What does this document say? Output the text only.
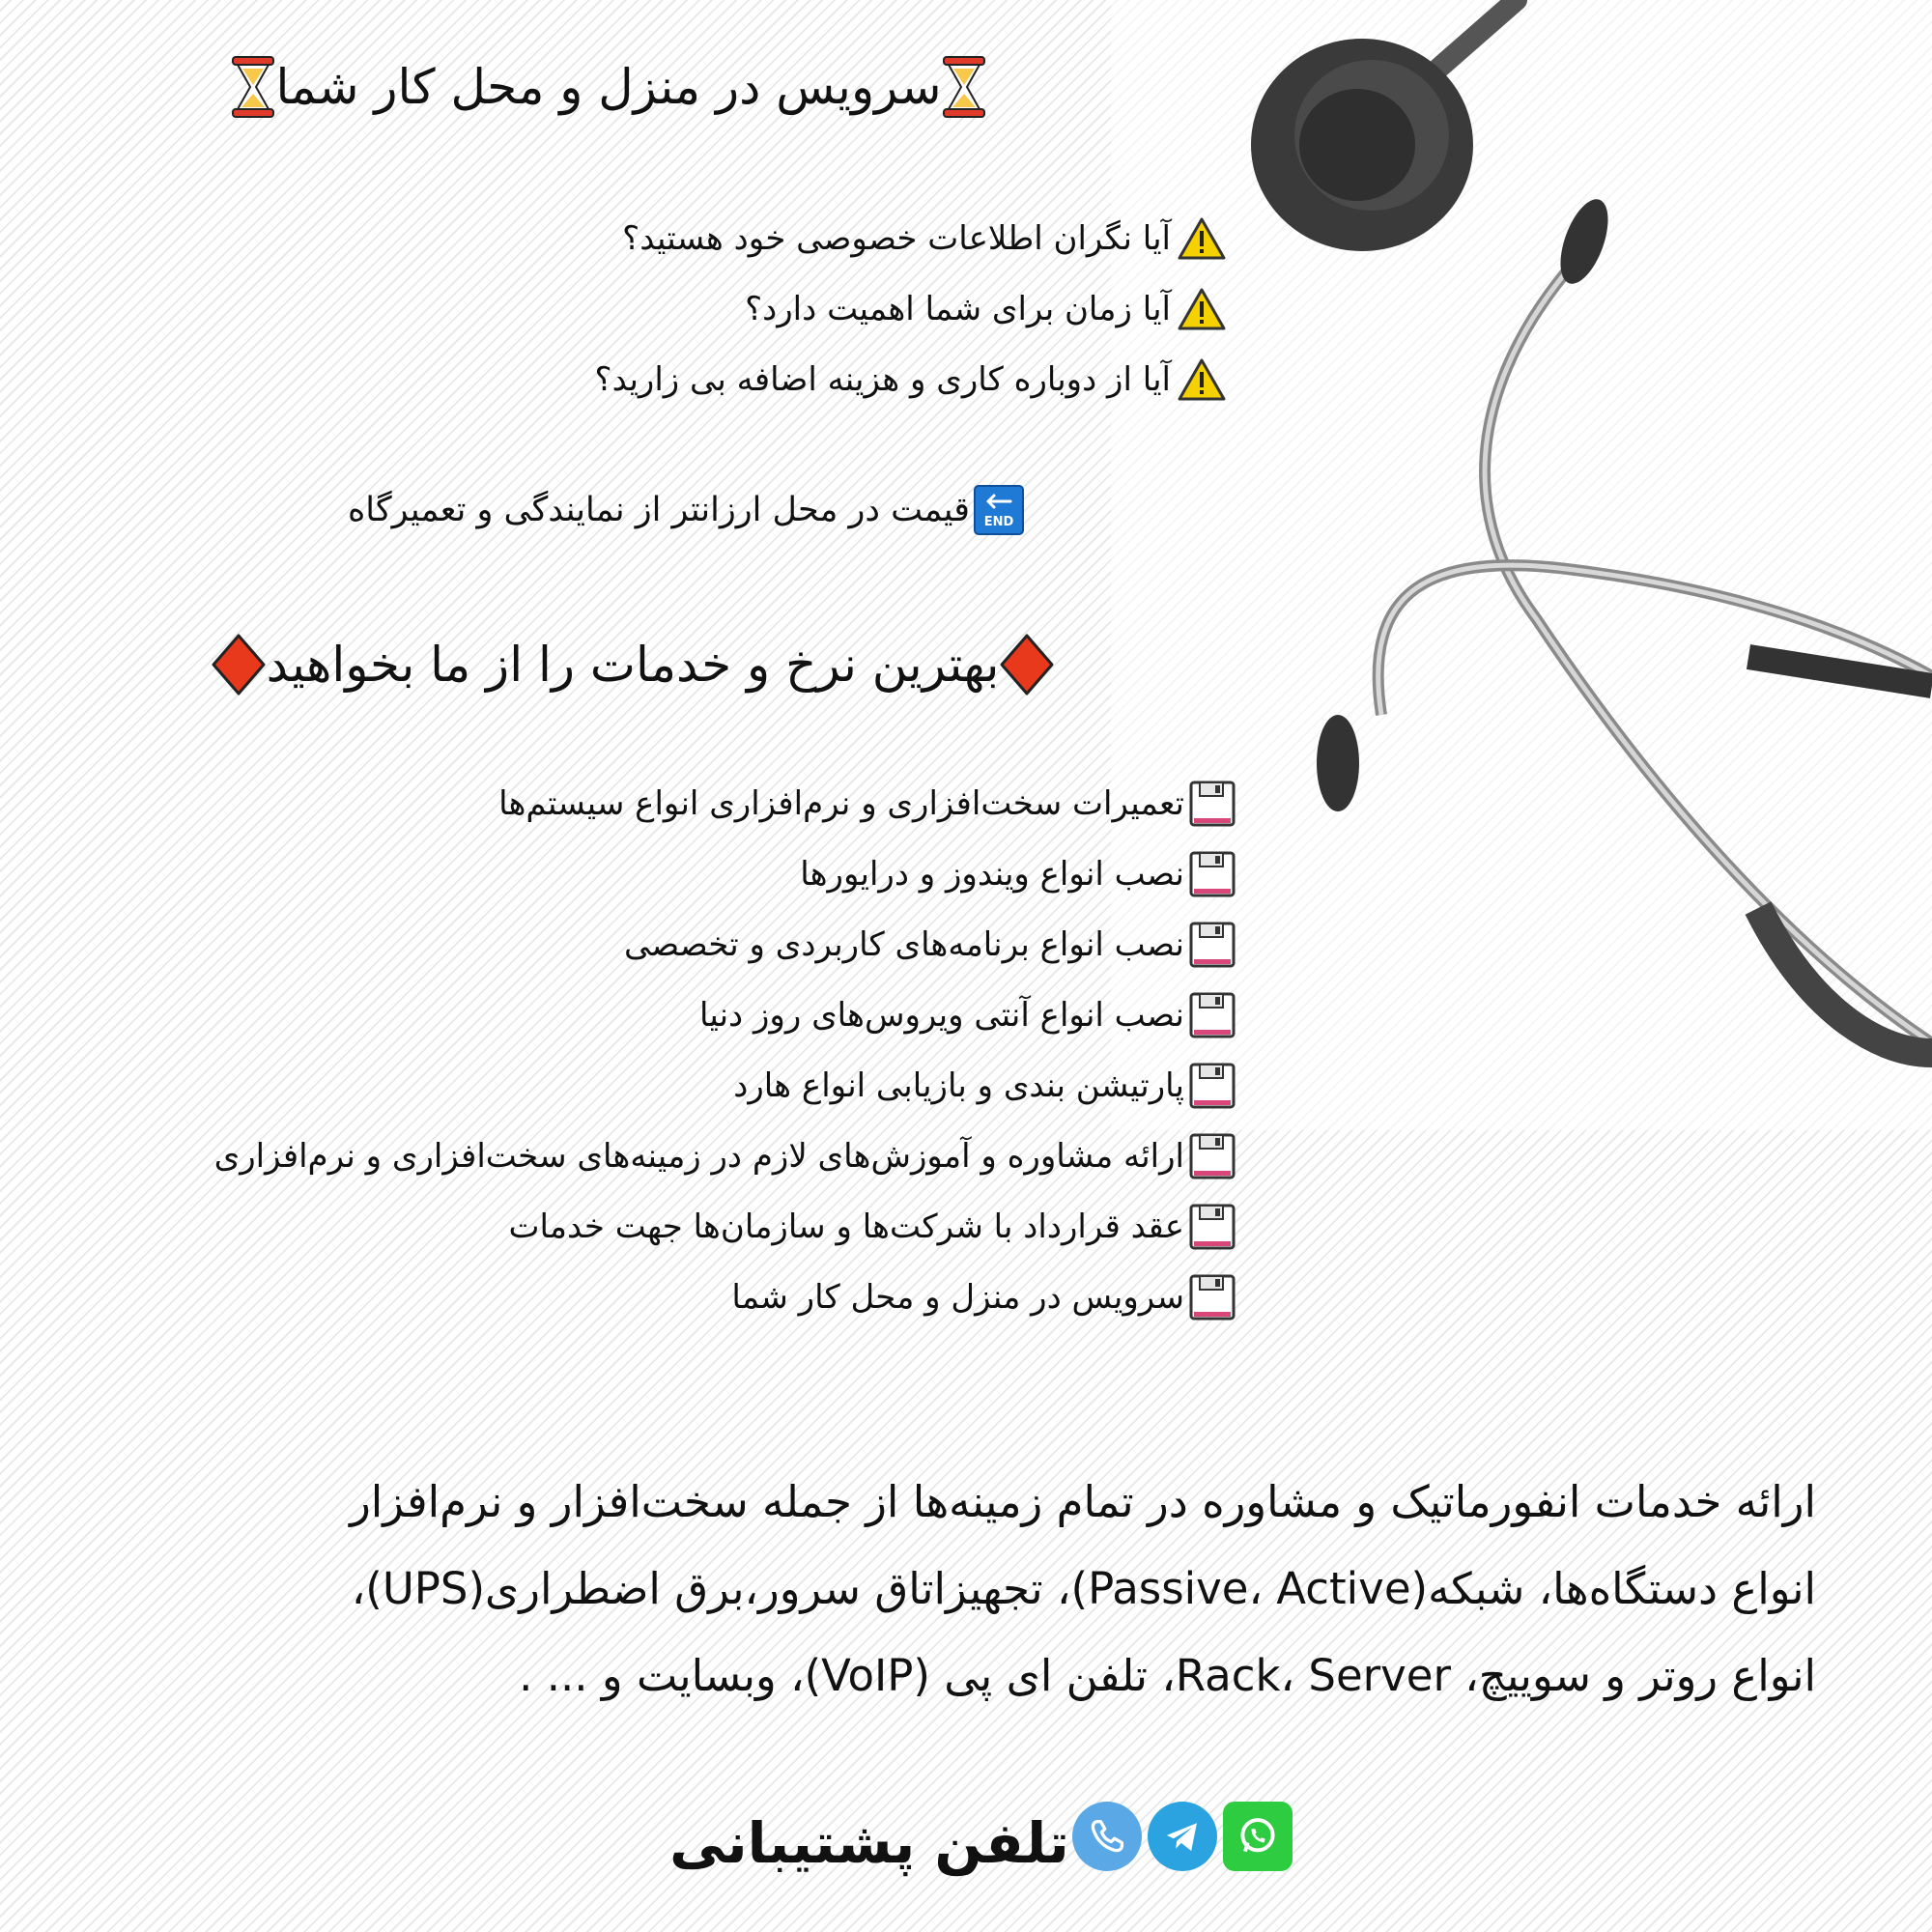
سرویس در منزل و محل کار شما
آیا نگران اطلاعات خصوصی خود هستید؟
آیا زمان برای شما اهمیت دارد؟
آیا از دوباره کاری و هزینه اضافه بی زارید؟
END
قیمت در محل ارزانتر از نمایندگی و تعمیرگاه
بهترین نرخ و خدمات را از ما بخواهید
تعمیرات سخت‌افزاری و نرم‌افزاری انواع سیستم‌ها
نصب انواع ویندوز و درایورها
نصب انواع برنامه‌های کاربردی و تخصصی
نصب انواع آنتی ویروس‌های روز دنیا
پارتیشن بندی و بازیابی انواع هارد
ارائه مشاوره و آموزش‌های لازم در زمینه‌های سخت‌افزاری و نرم‌افزاری
عقد قرارداد با شرکت‌ها و سازمان‌ها جهت خدمات
سرویس در منزل و محل کار شما
ارائه خدمات انفورماتیک و مشاوره در تمام زمینه‌ها از جمله سخت‌افزار و نرم‌افزار
انواع دستگاه‌ها، شبکه(Passive، Active)، تجهیزاتاق سرور،برق اضطراری(UPS)،
انواع روتر و سوییچ، Rack، Server، تلفن ای پی (VoIP)، وبسایت و ... .
تلفن پشتیبانی
